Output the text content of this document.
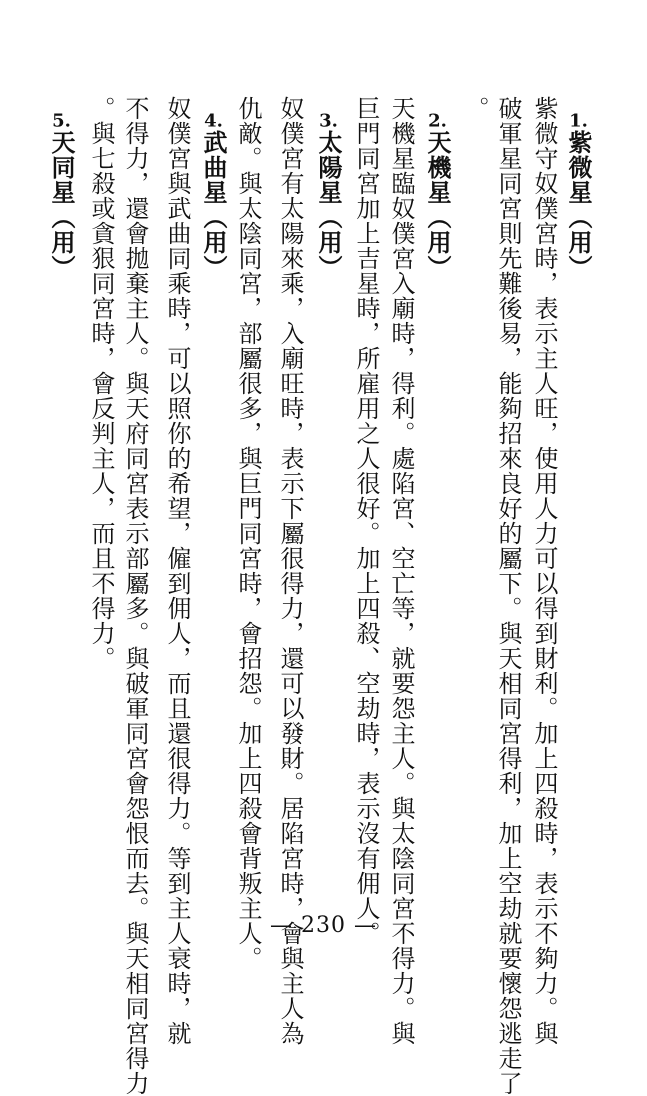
1.紫微星（用）
紫微守奴僕宮時，表示主人旺，使用人力可以得到財利。加上四殺時，表示不夠力。與
破軍星同宮則先難後易，能夠招來良好的屬下。與天相同宮得利，加上空劫就要懷怨逃走了
。
2.天機星（用）
天機星臨奴僕宮入廟時，得利。處陷宮、空亡等，就要怨主人。與太陰同宮不得力。與
巨門同宮加上吉星時，所雇用之人很好。加上四殺、空劫時，表示沒有佣人。
3.太陽星（用）
奴僕宮有太陽來乘，入廟旺時，表示下屬很得力，還可以發財。居陷宮時，會與主人為
仇敵。與太陰同宮，部屬很多，與巨門同宮時，會招怨。加上四殺會背叛主人。
4.武曲星（用）
奴僕宮與武曲同乘時，可以照你的希望，僱到佣人，而且還很得力。等到主人衰時，就
不得力，還會拋棄主人。與天府同宮表示部屬多。與破軍同宮會怨恨而去。與天相同宮得力
。與七殺或貪狠同宮時，會反判主人，而且不得力。
5.天同星（用）
— 230 —
